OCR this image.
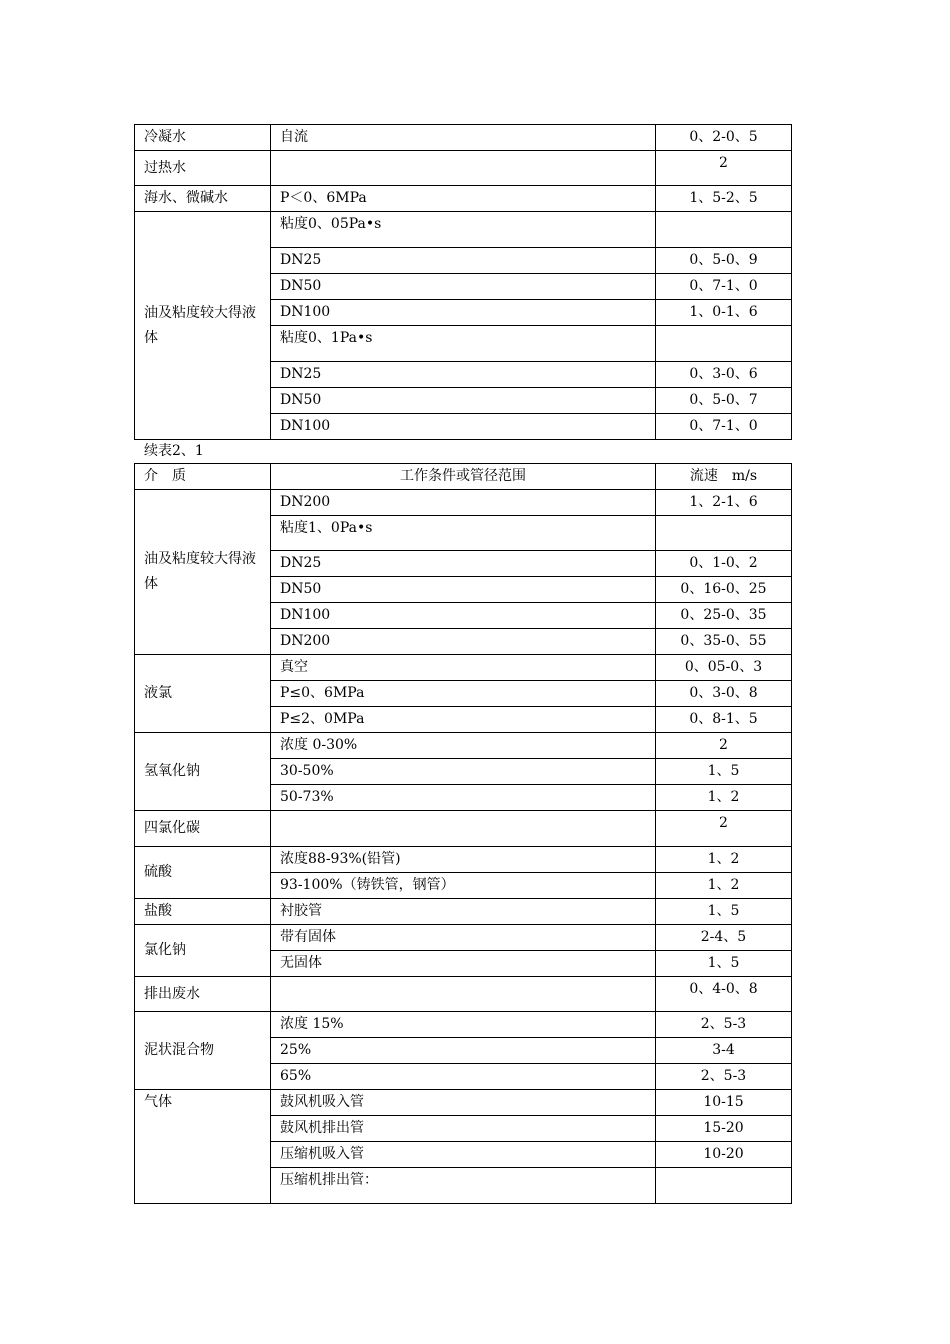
冷凝水	自流	0、2-0、5
过热水		2
海水、微碱水	P＜0、6MPa	1、5-2、5
油及粘度较大得液体	粘度0、05Pa•s	
	DN25	0、5-0、9
	DN50	0、7-1、0
	DN100	1、0-1、6
	粘度0、1Pa•s	
	DN25	0、3-0、6
	DN50	0、5-0、7
	DN100	0、7-1、0
续表2、1
介　质	工作条件或管径范围	流速　m/s
油及粘度较大得液体	DN200	1、2-1、6
	粘度1、0Pa•s	
	DN25	0、1-0、2
	DN50	0、16-0、25
	DN100	0、25-0、35
	DN200	0、35-0、55
液氯	真空	0、05-0、3
	P≤0、6MPa	0、3-0、8
	P≤2、0MPa	0、8-1、5
氢氧化钠	浓度 0-30%	2
	30-50%	1、5
	50-73%	1、2
四氯化碳		2
硫酸	浓度88-93%(铅管)	1、2
	93-100%（铸铁管，钢管）	1、2
盐酸	衬胶管	1、5
氯化钠	带有固体	2-4、5
	无固体	1、5
排出废水		0、4-0、8
泥状混合物	浓度 15%	2、5-3
	25%	3-4
	65%	2、5-3
气体	鼓风机吸入管	10-15
	鼓风机排出管	15-20
	压缩机吸入管	10-20
	压缩机排出管：	
